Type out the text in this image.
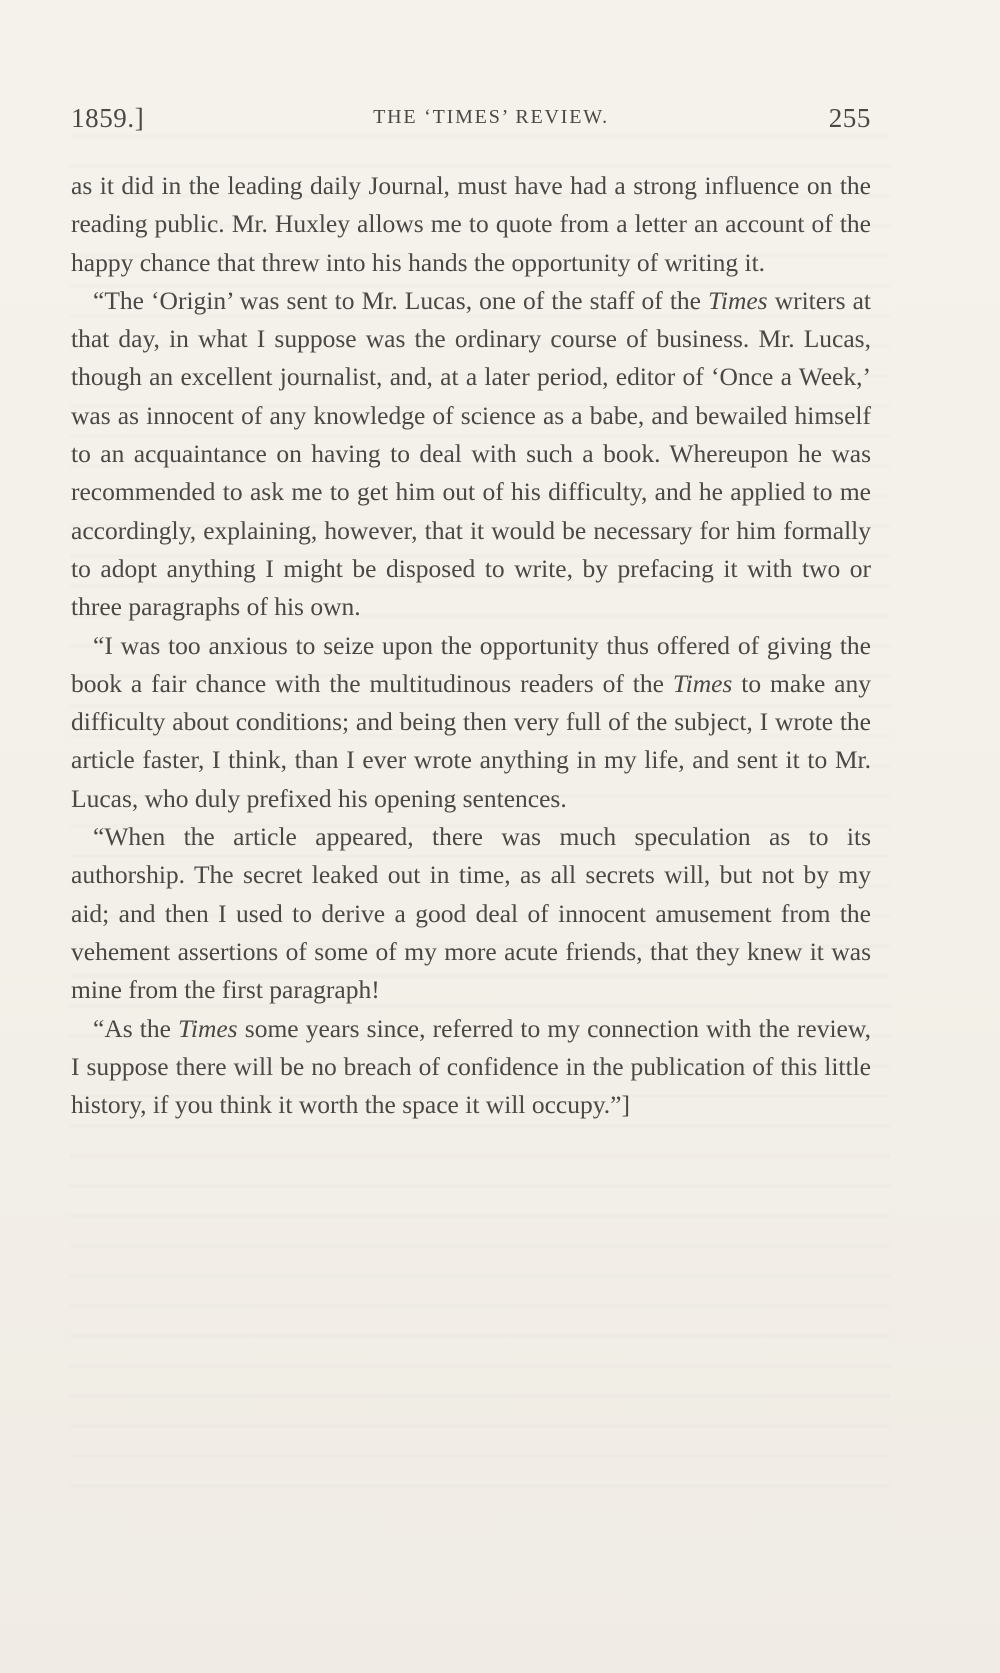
1859.]	THE ‘TIMES’ REVIEW.	255

as it did in the leading daily Journal, must have had a strong influence on the reading public. Mr. Huxley allows me to quote from a letter an account of the happy chance that threw into his hands the opportunity of writing it.

“The ‘Origin’ was sent to Mr. Lucas, one of the staff of the Times writers at that day, in what I suppose was the ordinary course of business. Mr. Lucas, though an excellent journalist, and, at a later period, editor of ‘Once a Week,’ was as innocent of any knowledge of science as a babe, and bewailed himself to an acquaintance on having to deal with such a book. Whereupon he was recommended to ask me to get him out of his difficulty, and he applied to me accordingly, explaining, however, that it would be necessary for him formally to adopt anything I might be disposed to write, by prefacing it with two or three paragraphs of his own.

“I was too anxious to seize upon the opportunity thus offered of giving the book a fair chance with the multitudinous readers of the Times to make any difficulty about conditions; and being then very full of the subject, I wrote the article faster, I think, than I ever wrote anything in my life, and sent it to Mr. Lucas, who duly prefixed his opening sentences.

“When the article appeared, there was much speculation as to its authorship. The secret leaked out in time, as all secrets will, but not by my aid; and then I used to derive a good deal of innocent amusement from the vehement assertions of some of my more acute friends, that they knew it was mine from the first paragraph!

“As the Times some years since, referred to my connection with the review, I suppose there will be no breach of confidence in the publication of this little history, if you think it worth the space it will occupy.”]
